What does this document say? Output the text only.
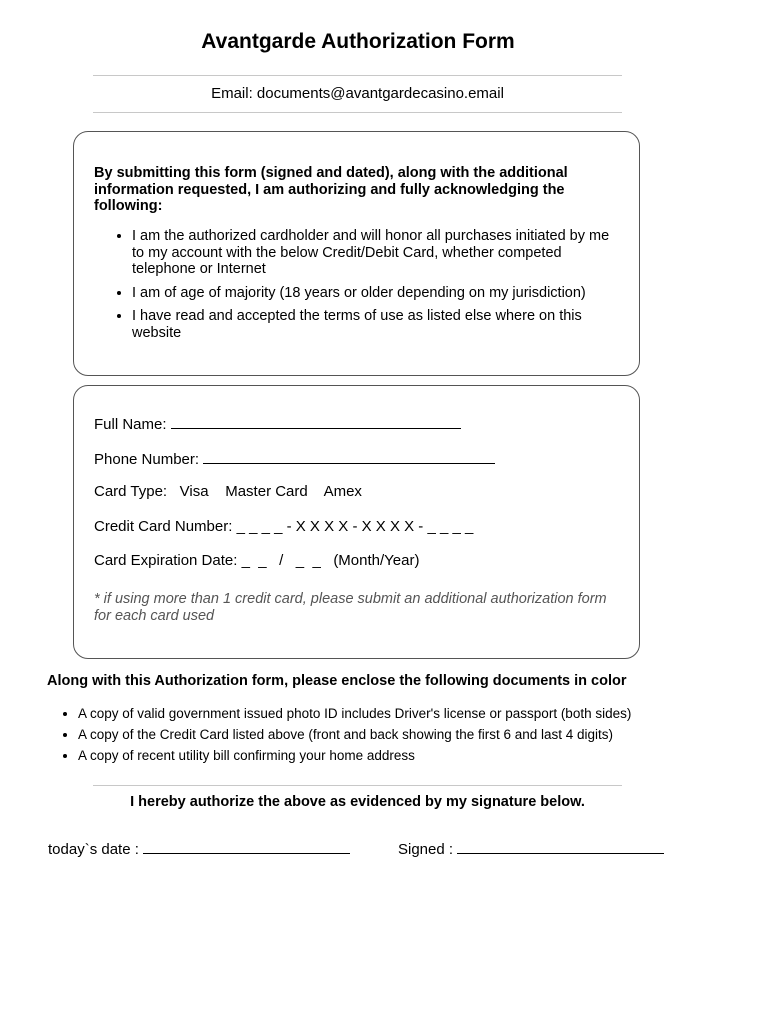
Avantgarde Authorization Form
Email: documents@avantgardecasino.email

By submitting this form (signed and dated), along with the additional information requested, I am authorizing and fully acknowledging the following:

• I am the authorized cardholder and will honor all purchases initiated by me to my account with the below Credit/Debit Card, whether competed telephone or Internet
• I am of age of majority (18 years or older depending on my jurisdiction)
• I have read and accepted the terms of use as listed else where on this website
Full Name:
Phone Number:
Card Type: Visa Master Card Amex
Credit Card Number: _ _ _ _ - X X X X - X X X X - _ _ _ _
Card Expiration Date: _  _   /   _  _ (Month/Year)
* if using more than 1 credit card, please submit an additional authorization form for each card used
Along with this Authorization form, please enclose the following documents in color
• A copy of valid government issued photo ID includes Driver's license or passport (both sides)
• A copy of the Credit Card listed above (front and back showing the first 6 and last 4 digits)
• A copy of recent utility bill confirming your home address
I hereby authorize the above as evidenced by my signature below.
today`s date :	Signed :
